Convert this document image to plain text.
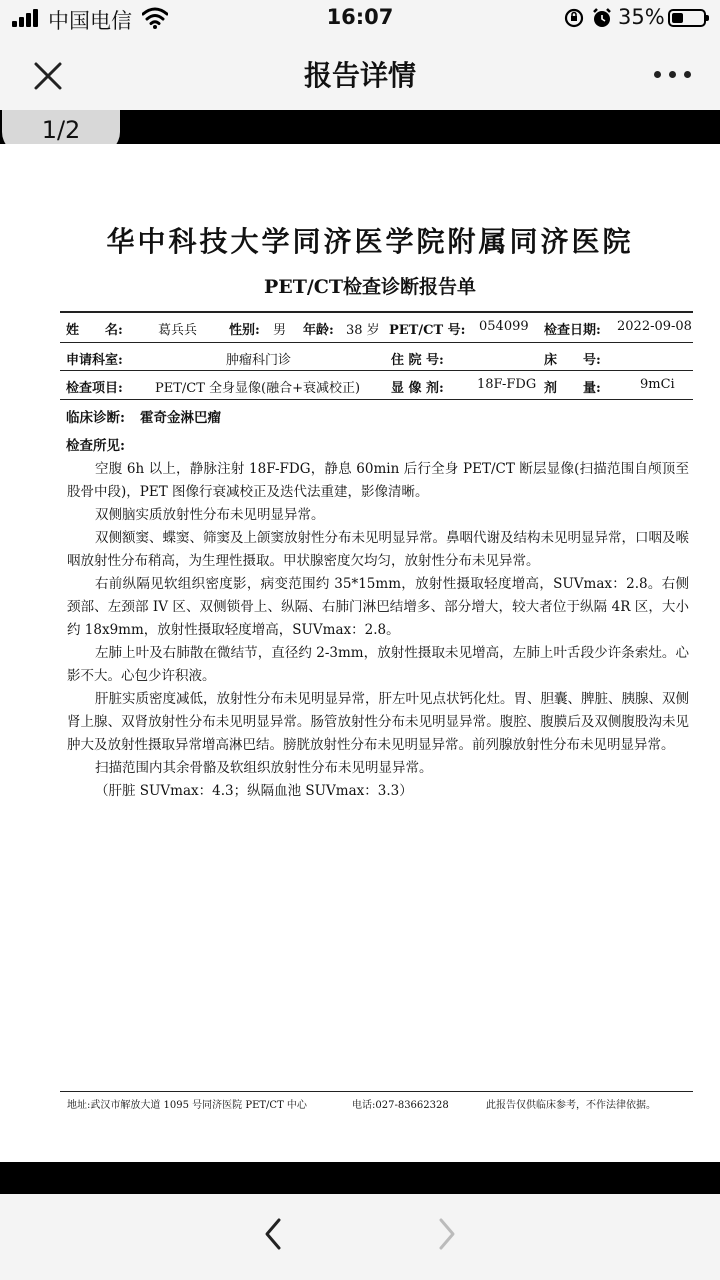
中国电信	16:07	35%
报告详情
1/2
华中科技大学同济医学院附属同济医院
PET/CT检查诊断报告单
姓　　名:	葛兵兵 性别: 男 年龄: 38 岁 PET/CT 号: 054099 检查日期: 2022-09-08
申请科室:	肿瘤科门诊	住 院 号:	床　　号:
检查项目: PET/CT 全身显像(融合+衰减校正) 显 像 剂:	18F-FDG 剂　　量:	9mCi
临床诊断: 霍奇金淋巴瘤
检查所见:

空腹 6h 以上，静脉注射 18F-FDG，静息 60min 后行全身 PET/CT 断层显像(扫描范围自颅顶至股骨中段)，PET 图像行衰减校正及迭代法重建，影像清晰。

双侧脑实质放射性分布未见明显异常。

双侧额窦、蝶窦、筛窦及上颌窦放射性分布未见明显异常。鼻咽代谢及结构未见明显异常，口咽及喉咽放射性分布稍高，为生理性摄取。甲状腺密度欠均匀，放射性分布未见异常。

右前纵隔见软组织密度影，病变范围约 35*15mm，放射性摄取轻度增高，SUVmax：2.8。右侧颈部、左颈部 IV 区、双侧锁骨上、纵隔、右肺门淋巴结增多、部分增大，较大者位于纵隔 4R 区，大小约 18x9mm，放射性摄取轻度增高，SUVmax：2.8。

左肺上叶及右肺散在微结节，直径约 2-3mm，放射性摄取未见增高，左肺上叶舌段少许条索灶。心影不大。心包少许积液。

肝脏实质密度减低，放射性分布未见明显异常，肝左叶见点状钙化灶。胃、胆囊、脾脏、胰腺、双侧肾上腺、双肾放射性分布未见明显异常。肠管放射性分布未见明显异常。腹腔、腹膜后及双侧腹股沟未见肿大及放射性摄取异常增高淋巴结。膀胱放射性分布未见明显异常。前列腺放射性分布未见明显异常。

扫描范围内其余骨骼及软组织放射性分布未见明显异常。

（肝脏 SUVmax：4.3；纵隔血池 SUVmax：3.3）

地址:武汉市解放大道 1095 号同济医院 PET/CT 中心	电话:027-83662328	此报告仅供临床参考，不作法律依据。
